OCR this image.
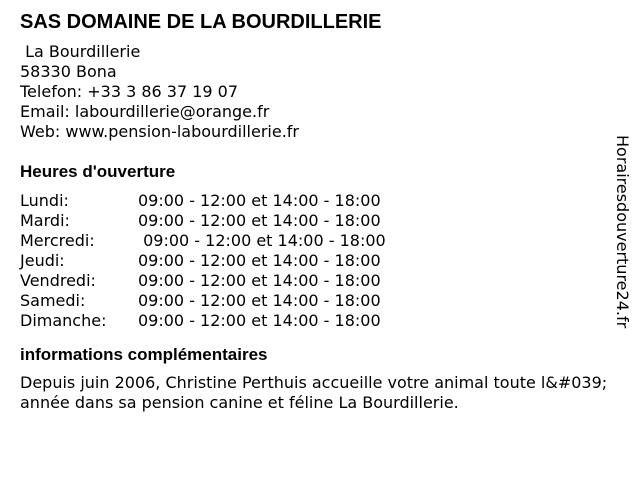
SAS DOMAINE DE LA BOURDILLERIE
La Bourdillerie
58330 Bona
Telefon: +33 3 86 37 19 07
Email: labourdillerie@orange.fr
Web: www.pension-labourdillerie.fr
Heures d'ouverture
Lundi:	09:00 - 12:00 et 14:00 - 18:00
Mardi:	09:00 - 12:00 et 14:00 - 18:00
Mercredi:	09:00 - 12:00 et 14:00 - 18:00
Jeudi:	09:00 - 12:00 et 14:00 - 18:00
Vendredi:	09:00 - 12:00 et 14:00 - 18:00
Samedi:	09:00 - 12:00 et 14:00 - 18:00
Dimanche:	09:00 - 12:00 et 14:00 - 18:00
informations complémentaires

Depuis juin 2006, Christine Perthuis accueille votre animal toute l&#039;année dans sa pension canine et féline La Bourdillerie.

Horairesdouverture24.fr
